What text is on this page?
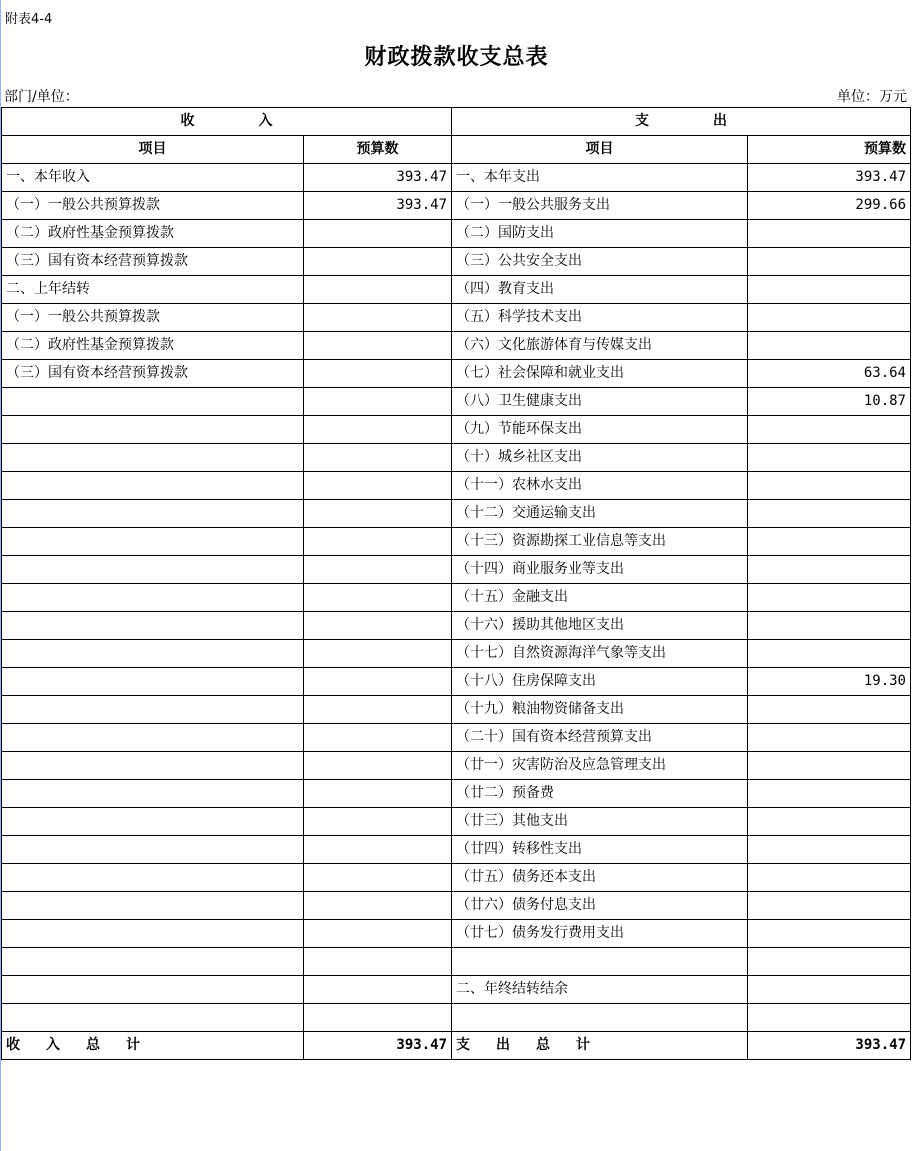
附表4-4
财政拨款收支总表
部门/单位：	单位：万元
收 入		支 出	
项目	预算数	项目	预算数
一、本年收入	393.47	一、本年支出	393.47
（一）一般公共预算拨款	393.47	（一）一般公共服务支出	299.66
（二）政府性基金预算拨款		（二）国防支出	
（三）国有资本经营预算拨款		（三）公共安全支出	
二、上年结转		（四）教育支出	
（一）一般公共预算拨款		（五）科学技术支出	
（二）政府性基金预算拨款		（六）文化旅游体育与传媒支出	
（三）国有资本经营预算拨款		（七）社会保障和就业支出	63.64
		（八）卫生健康支出	10.87
		（九）节能环保支出	
		（十）城乡社区支出	
		（十一）农林水支出	
		（十二）交通运输支出	
		（十三）资源勘探工业信息等支出	
		（十四）商业服务业等支出	
		（十五）金融支出	
		（十六）援助其他地区支出	
		（十七）自然资源海洋气象等支出	
		（十八）住房保障支出	19.30
		（十九）粮油物资储备支出	
		（二十）国有资本经营预算支出	
		（廿一）灾害防治及应急管理支出	
		（廿二）预备费	
		（廿三）其他支出	
		（廿四）转移性支出	
		（廿五）债务还本支出	
		（廿六）债务付息支出	
		（廿七）债务发行费用支出	

		二、年终结转结余	

收 入 总 计	393.47	支 出 总 计	393.47
